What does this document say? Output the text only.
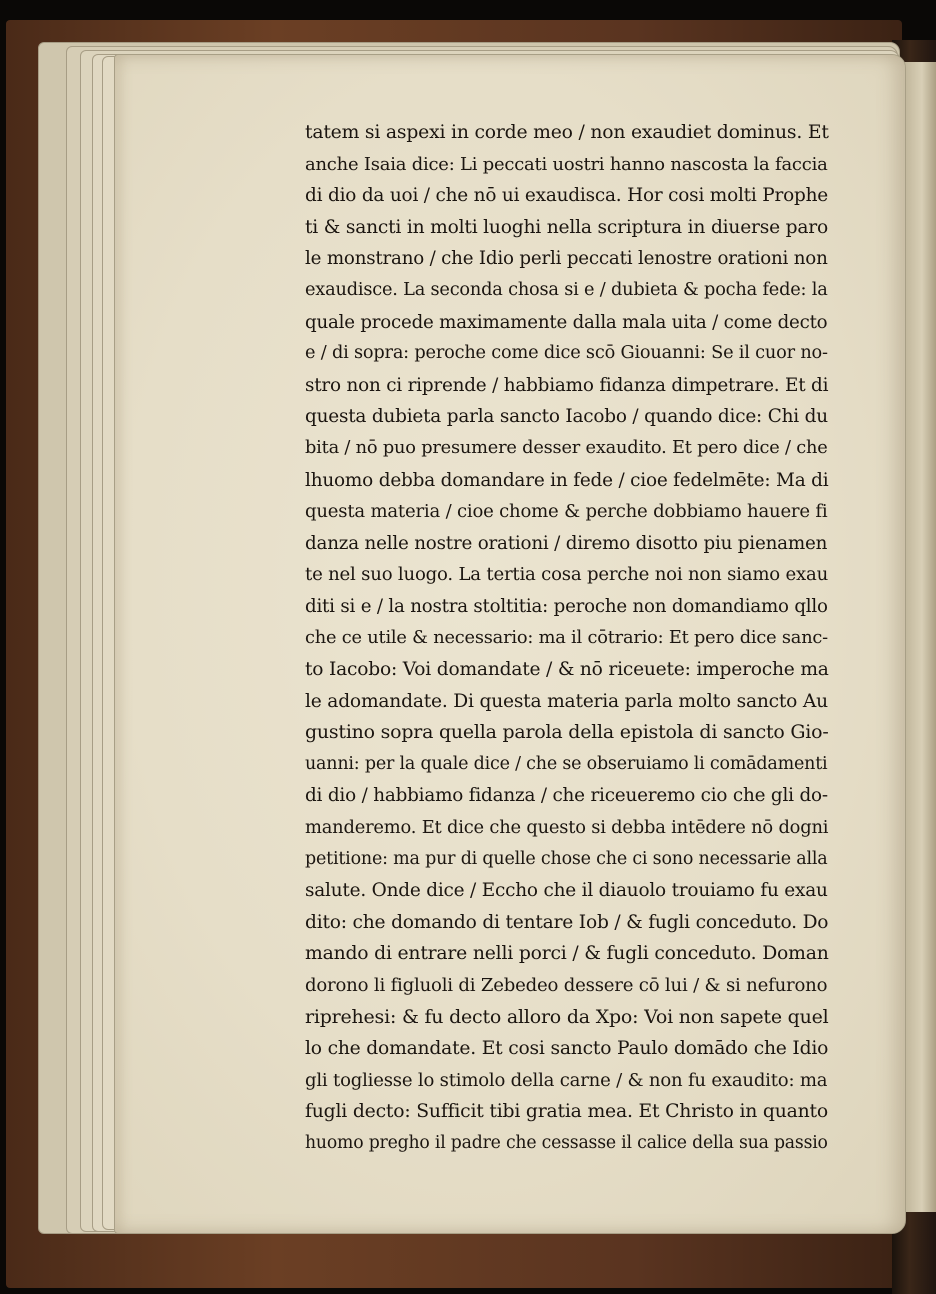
tatem si aspexi in corde meo / non exaudiet dominus. Et
anche Isaia dice: Li peccati uostri hanno nascosta la faccia
di dio da uoi / che nō ui exaudisca. Hor cosi molti Prophe
ti & sancti in molti luoghi nella scriptura in diuerse paro
le monstrano / che Idio perli peccati lenostre orationi non
exaudisce. La seconda chosa si e / dubieta & pocha fede: la
quale procede maximamente dalla mala uita / come decto
e / di sopra: peroche come dice scō Giouanni: Se il cuor no-
stro non ci riprende / habbiamo fidanza dimpetrare. Et di
questa dubieta parla sancto Iacobo / quando dice: Chi du
bita / nō puo presumere desser exaudito. Et pero dice / che
lhuomo debba domandare in fede / cioe fedelmēte: Ma di
questa materia / cioe chome & perche dobbiamo hauere fi
danza nelle nostre orationi / diremo disotto piu pienamen
te nel suo luogo. La tertia cosa perche noi non siamo exau
diti si e / la nostra stoltitia: peroche non domandiamo qllo
che ce utile & necessario: ma il cōtrario: Et pero dice sanc-
to Iacobo: Voi domandate / & nō riceuete: imperoche ma
le adomandate. Di questa materia parla molto sancto Au
gustino sopra quella parola della epistola di sancto Gio-
uanni: per la quale dice / che se obseruiamo li comādamenti
di dio / habbiamo fidanza / che riceueremo cio che gli do-
manderemo. Et dice che questo si debba intēdere nō dogni
petitione: ma pur di quelle chose che ci sono necessarie alla
salute. Onde dice / Eccho che il diauolo trouiamo fu exau
dito: che domando di tentare Iob / & fugli conceduto. Do
mando di entrare nelli porci / & fugli conceduto. Doman
dorono li figluoli di Zebedeo dessere cō lui / & si nefurono
riprehesi: & fu decto alloro da Xpo: Voi non sapete quel
lo che domandate. Et cosi sancto Paulo domādo che Idio
gli togliesse lo stimolo della carne / & non fu exaudito: ma
fugli decto: Sufficit tibi gratia mea. Et Christo in quanto
huomo pregho il padre che cessasse il calice della sua passio
